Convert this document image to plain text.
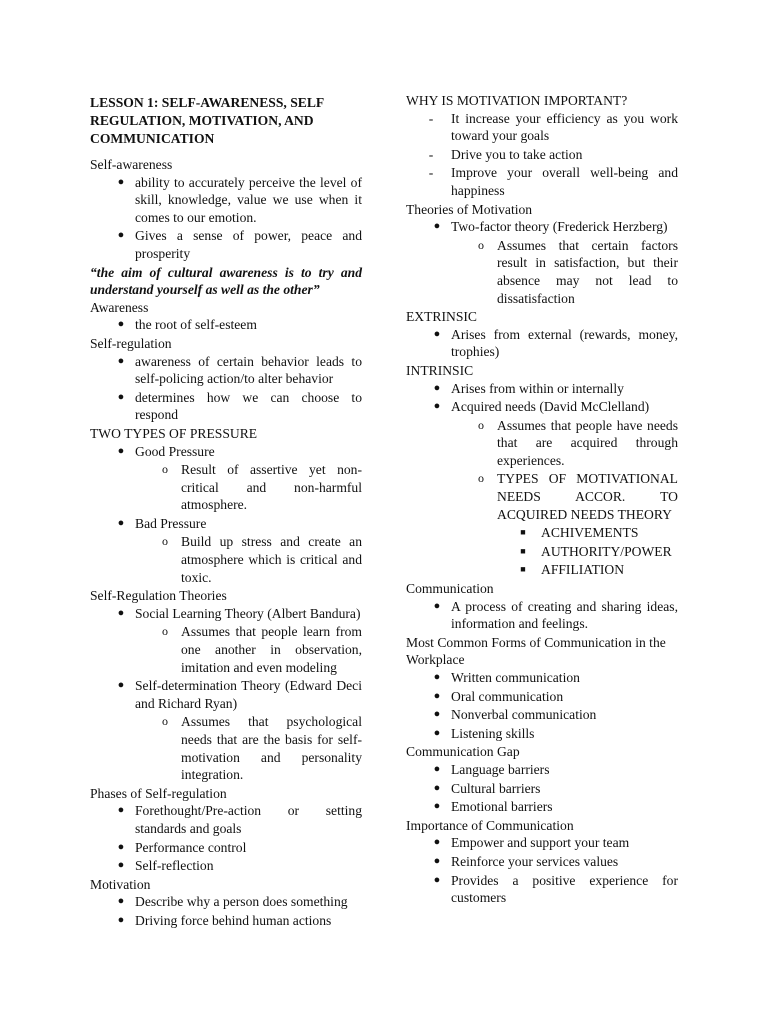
LESSON 1: SELF-AWARENESS, SELF REGULATION, MOTIVATION, AND COMMUNICATION

Self-awareness

● ability to accurately perceive the level of skill, knowledge, value we use when it comes to our emotion.
● Gives a sense of power, peace and prosperity

“the aim of cultural awareness is to try and understand yourself as well as the other”

Awareness

● the root of self-esteem

Self-regulation

● awareness of certain behavior leads to self-policing action/to alter behavior
● determines how we can choose to respond

TWO TYPES OF PRESSURE

● Good Pressure
o Result of assertive yet non-critical and non-harmful atmosphere.
● Bad Pressure
o Build up stress and create an atmosphere which is critical and toxic.

Self-Regulation Theories

● Social Learning Theory (Albert Bandura)
o Assumes that people learn from one another in observation, imitation and even modeling
● Self-determination Theory (Edward Deci and Richard Ryan)
o Assumes that psychological needs that are the basis for self-motivation and personality integration.

Phases of Self-regulation

● Forethought/Pre-action or setting standards and goals
● Performance control
● Self-reflection

Motivation

● Describe why a person does something
● Driving force behind human actions

WHY IS MOTIVATION IMPORTANT?

-	It increase your efficiency as you work toward your goals
-	Drive you to take action
-	Improve your overall well-being and happiness

Theories of Motivation

● Two-factor theory (Frederick Herzberg)
o Assumes that certain factors result in satisfaction, but their absence may not lead to dissatisfaction

EXTRINSIC

● Arises from external (rewards, money, trophies)

INTRINSIC

● Arises from within or internally
● Acquired needs (David McClelland)
o Assumes that people have needs that are acquired through experiences.
o TYPES OF MOTIVATIONAL NEEDS ACCOR. TO ACQUIRED NEEDS THEORY
■	ACHIVEMENTS
■	AUTHORITY/POWER
■	AFFILIATION

Communication

● A process of creating and sharing ideas, information and feelings.

Most Common Forms of Communication in the Workplace

● Written communication
● Oral communication
● Nonverbal communication
● Listening skills

Communication Gap

● Language barriers
● Cultural barriers
● Emotional barriers

Importance of Communication

● Empower and support your team
● Reinforce your services values
● Provides a positive experience for customers
